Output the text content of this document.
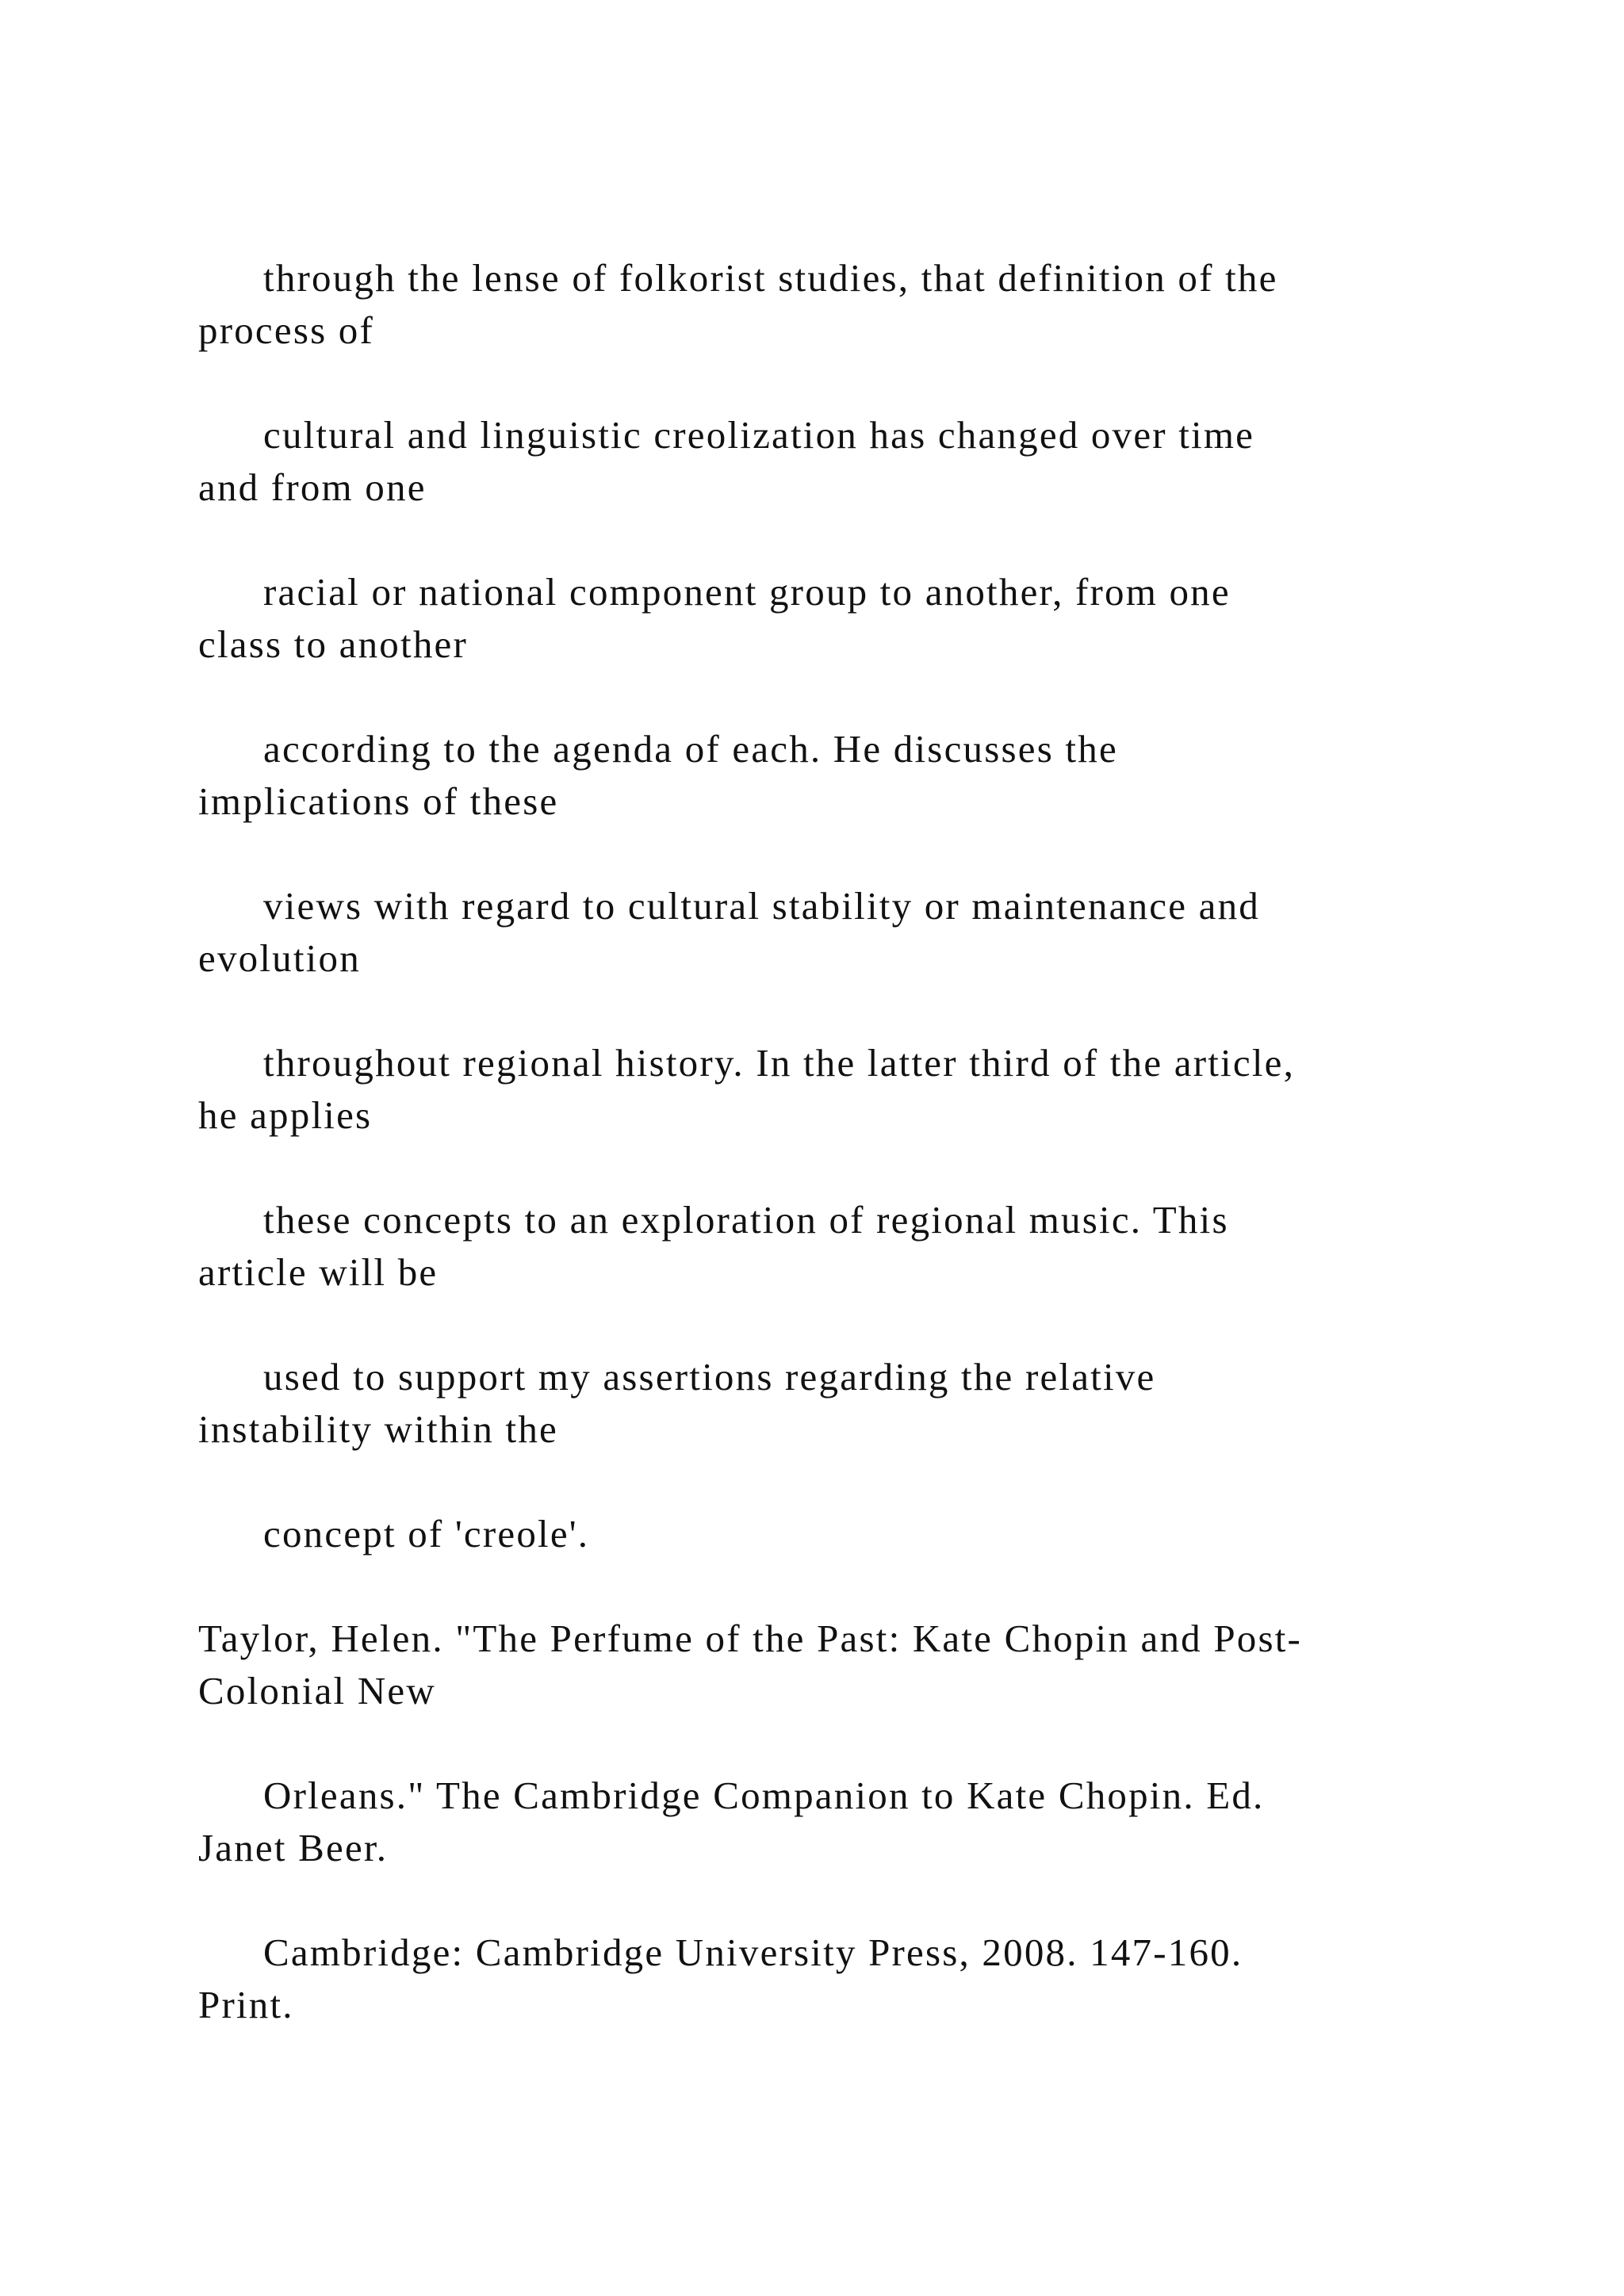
through the lense of folkorist studies, that definition of the
process of
cultural and linguistic creolization has changed over time
and from one
racial or national component group to another, from one
class to another
according to the agenda of each. He discusses the
implications of these
views with regard to cultural stability or maintenance and
evolution
throughout regional history. In the latter third of the article,
he applies
these concepts to an exploration of regional music. This
article will be
used to support my assertions regarding the relative
instability within the
concept of 'creole'.
Taylor, Helen. "The Perfume of the Past: Kate Chopin and Post-
Colonial New
Orleans." The Cambridge Companion to Kate Chopin. Ed.
Janet Beer.
Cambridge: Cambridge University Press, 2008. 147-160.
Print.
